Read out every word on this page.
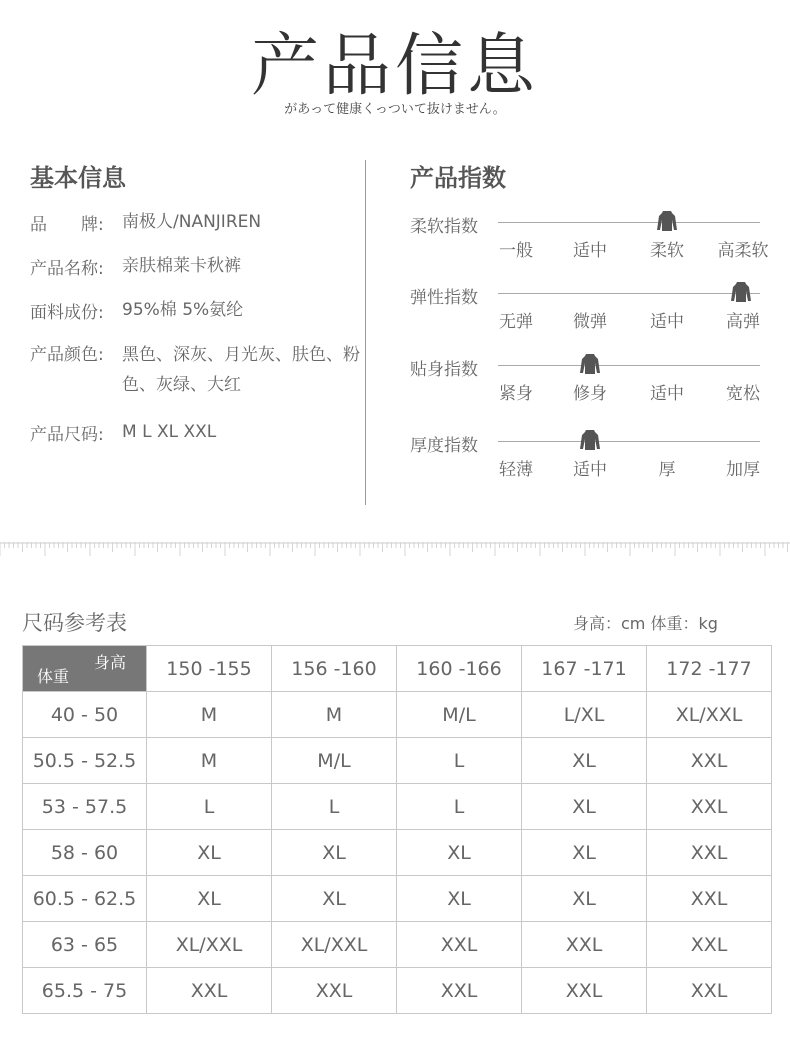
产品信息
があって健康くっついて抜けません。
基本信息
品　　牌:	南极人/NANJIREN
产品名称:	亲肤棉莱卡秋裤
面料成份:	95%棉 5%氨纶
产品颜色:	黑色、深灰、月光灰、肤色、粉色、灰绿、大红
产品尺码:	M L XL XXL
产品指数
柔软指数
一般	适中	柔软	高柔软
弹性指数
无弹	微弹	适中	高弹
贴身指数
紧身	修身	适中	宽松
厚度指数
轻薄	适中	厚	加厚
尺码参考表	身高：cm 体重：kg
身高
体重	150 -155	156 -160	160 -166	167 -171	172 -177
40 - 50	M	M	M/L	L/XL	XL/XXL
50.5 - 52.5	M	M/L	L	XL	XXL
53 - 57.5	L	L	L	XL	XXL
58 - 60	XL	XL	XL	XL	XXL
60.5 - 62.5	XL	XL	XL	XL	XXL
63 - 65	XL/XXL	XL/XXL	XXL	XXL	XXL
65.5 - 75	XXL	XXL	XXL	XXL	XXL
